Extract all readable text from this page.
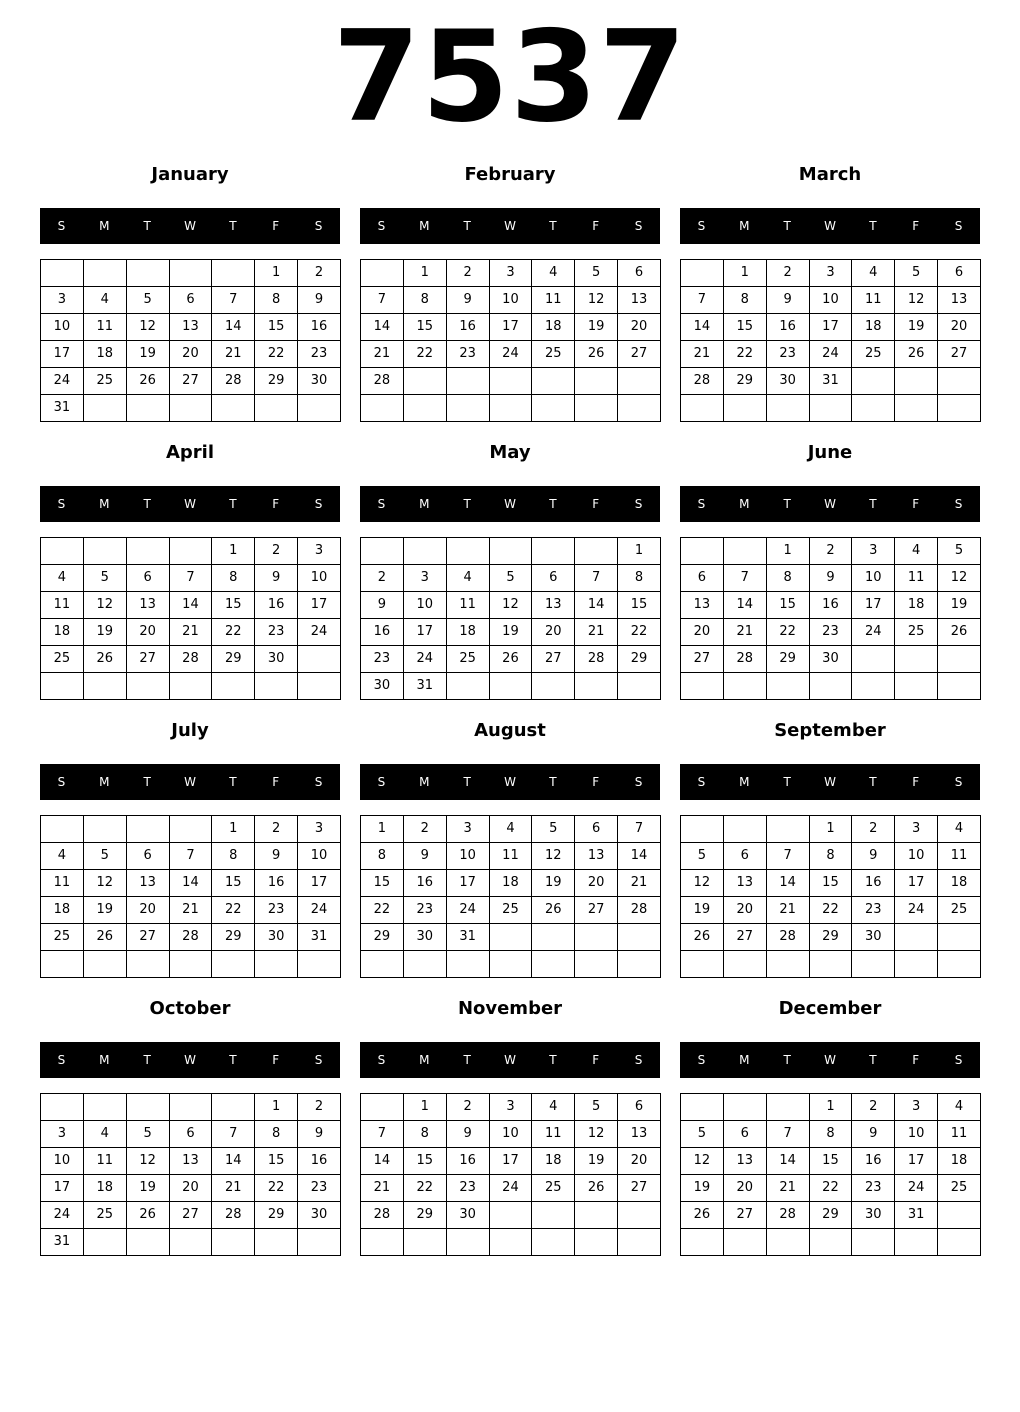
7537
January
S	M	T	W	T	F	S
					1	2
3	4	5	6	7	8	9
10	11	12	13	14	15	16
17	18	19	20	21	22	23
24	25	26	27	28	29	30
31						
February
S	M	T	W	T	F	S
	1	2	3	4	5	6
7	8	9	10	11	12	13
14	15	16	17	18	19	20
21	22	23	24	25	26	27
28						

March
S	M	T	W	T	F	S
	1	2	3	4	5	6
7	8	9	10	11	12	13
14	15	16	17	18	19	20
21	22	23	24	25	26	27
28	29	30	31			

April
S	M	T	W	T	F	S
				1	2	3
4	5	6	7	8	9	10
11	12	13	14	15	16	17
18	19	20	21	22	23	24
25	26	27	28	29	30	

May
S	M	T	W	T	F	S
						1
2	3	4	5	6	7	8
9	10	11	12	13	14	15
16	17	18	19	20	21	22
23	24	25	26	27	28	29
30	31					
June
S	M	T	W	T	F	S
		1	2	3	4	5
6	7	8	9	10	11	12
13	14	15	16	17	18	19
20	21	22	23	24	25	26
27	28	29	30			

July
S	M	T	W	T	F	S
				1	2	3
4	5	6	7	8	9	10
11	12	13	14	15	16	17
18	19	20	21	22	23	24
25	26	27	28	29	30	31

August
S	M	T	W	T	F	S
1	2	3	4	5	6	7
8	9	10	11	12	13	14
15	16	17	18	19	20	21
22	23	24	25	26	27	28
29	30	31				

September
S	M	T	W	T	F	S
			1	2	3	4
5	6	7	8	9	10	11
12	13	14	15	16	17	18
19	20	21	22	23	24	25
26	27	28	29	30		

October
S	M	T	W	T	F	S
					1	2
3	4	5	6	7	8	9
10	11	12	13	14	15	16
17	18	19	20	21	22	23
24	25	26	27	28	29	30
31						
November
S	M	T	W	T	F	S
	1	2	3	4	5	6
7	8	9	10	11	12	13
14	15	16	17	18	19	20
21	22	23	24	25	26	27
28	29	30				

December
S	M	T	W	T	F	S
			1	2	3	4
5	6	7	8	9	10	11
12	13	14	15	16	17	18
19	20	21	22	23	24	25
26	27	28	29	30	31	
